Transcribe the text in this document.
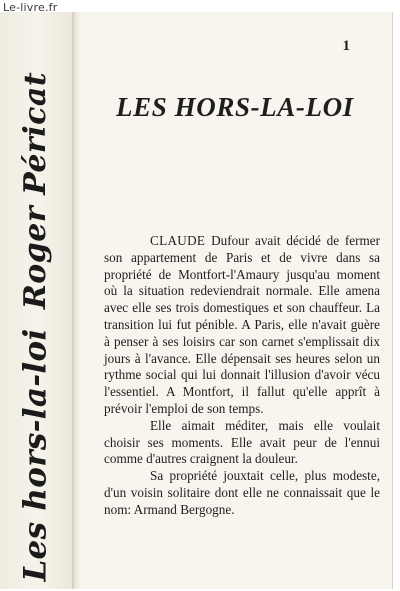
Le-livre.fr
Roger Péricat
Les hors-la-loi
1
LES HORS-LA-LOI

CLAUDE Dufour avait décidé de fermer son appartement de Paris et de vivre dans sa propriété de Montfort-l'Amaury jusqu'au moment où la situation redeviendrait normale. Elle amena avec elle ses trois domestiques et son chauffeur. La transition lui fut pénible. A Paris, elle n'avait guère à penser à ses loisirs car son carnet s'emplissait dix jours à l'avance. Elle dépensait ses heures selon un rythme social qui lui donnait l'illusion d'avoir vécu l'essentiel. A Montfort, il fallut qu'elle apprît à prévoir l'emploi de son temps.

Elle aimait méditer, mais elle voulait choisir ses moments. Elle avait peur de l'ennui comme d'autres craignent la douleur.

Sa propriété jouxtait celle, plus modeste, d'un voisin solitaire dont elle ne connaissait que le nom: Armand Bergogne.
